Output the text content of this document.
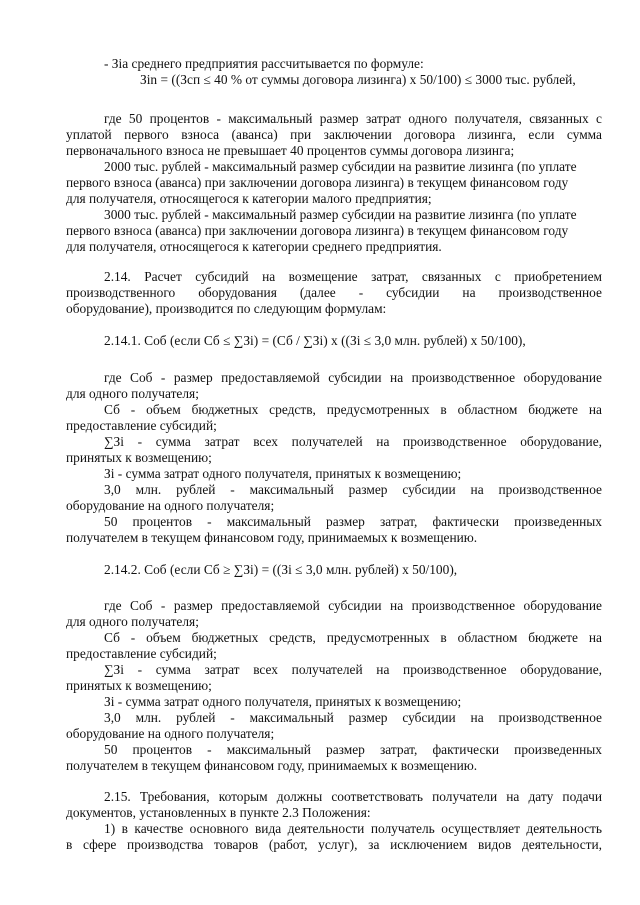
- Зia среднего предприятия рассчитывается по формуле:
Зin = ((Зсп ≤ 40 % от суммы договора лизинга) х 50/100) ≤ 3000 тыс. рублей,
где 50 процентов - максимальный размер затрат одного получателя, связанных с
уплатой первого взноса (аванса) при заключении договора лизинга, если сумма
первоначального взноса не превышает 40 процентов суммы договора лизинга;
2000 тыс. рублей - максимальный размер субсидии на развитие лизинга (по уплате
первого взноса (аванса) при заключении договора лизинга) в текущем финансовом году
для получателя, относящегося к категории малого предприятия;
3000 тыс. рублей - максимальный размер субсидии на развитие лизинга (по уплате
первого взноса (аванса) при заключении договора лизинга) в текущем финансовом году
для получателя, относящегося к категории среднего предприятия.
2.14. Расчет субсидий на возмещение затрат, связанных с приобретением
производственного оборудования (далее - субсидии на производственное
оборудование), производится по следующим формулам:
2.14.1. Соб (если Сб ≤ ∑Зi) = (Сб / ∑Зi) х ((Зi ≤ 3,0 млн. рублей) х 50/100),
где Соб - размер предоставляемой субсидии на производственное оборудование
для одного получателя;
Сб - объем бюджетных средств, предусмотренных в областном бюджете на
предоставление субсидий;
∑Зi - сумма затрат всех получателей на производственное оборудование,
принятых к возмещению;
Зi - сумма затрат одного получателя, принятых к возмещению;
3,0 млн. рублей - максимальный размер субсидии на производственное
оборудование на одного получателя;
50 процентов - максимальный размер затрат, фактически произведенных
получателем в текущем финансовом году, принимаемых к возмещению.
2.14.2. Соб (если Сб ≥ ∑Зi) = ((Зi ≤ 3,0 млн. рублей) х 50/100),
где Соб - размер предоставляемой субсидии на производственное оборудование
для одного получателя;
Сб - объем бюджетных средств, предусмотренных в областном бюджете на
предоставление субсидий;
∑Зi - сумма затрат всех получателей на производственное оборудование,
принятых к возмещению;
Зi - сумма затрат одного получателя, принятых к возмещению;
3,0 млн. рублей - максимальный размер субсидии на производственное
оборудование на одного получателя;
50 процентов - максимальный размер затрат, фактически произведенных
получателем в текущем финансовом году, принимаемых к возмещению.
2.15. Требования, которым должны соответствовать получатели на дату подачи
документов, установленных в пункте 2.3 Положения:
1) в качестве основного вида деятельности получатель осуществляет деятельность
в сфере производства товаров (работ, услуг), за исключением видов деятельности,
